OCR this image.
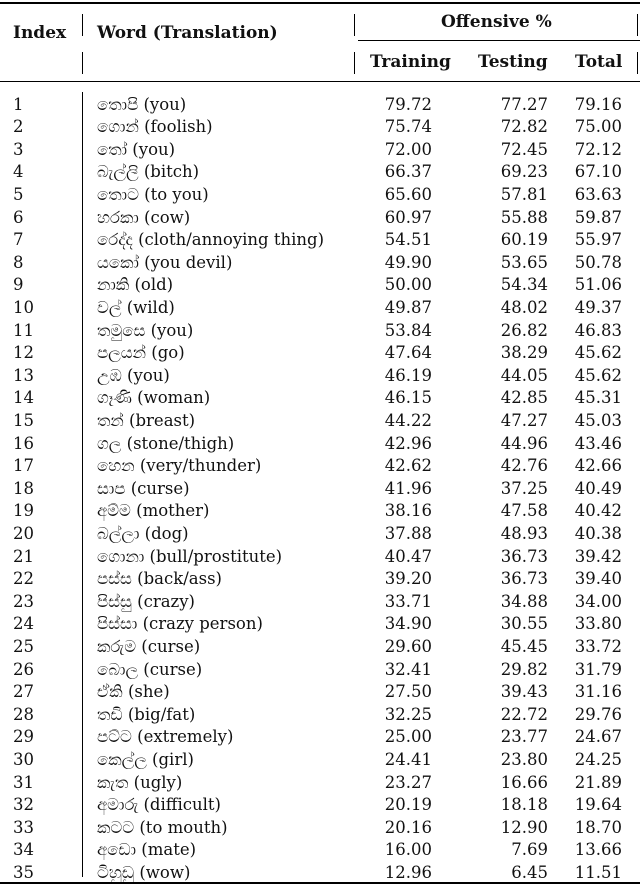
Index Word (Translation)
Offensive %
Training Testing Total
1	තොපි (you)	79.72	77.27 79.16
2	ගොන් (foolish)	75.74	72.82 75.00
3	තෝ (you)	72.00	72.45 72.12
4	බැල්ලි (bitch)	66.37	69.23 67.10
5	තොට (to you)	65.60	57.81 63.63
6	හරකා (cow)	60.97	55.88 59.87
7	රෙද්ද (cloth/annoying thing)	54.51	60.19 55.97
8	යකෝ (you devil)	49.90	53.65 50.78
9	නාකි (old)	50.00	54.34 51.06
10	වල් (wild)	49.87	48.02 49.37
11	තමුසෙ (you)	53.84	26.82 46.83
12	පලයන් (go)	47.64	38.29 45.62
13	උඹ (you)	46.19	44.05 45.62
14	ගෑණි (woman)	46.15	42.85 45.31
15	තන් (breast)	44.22	47.27 45.03
16	ගල (stone/thigh)	42.96	44.96 43.46
17	හෙන (very/thunder)	42.62	42.76 42.66
18	සාප (curse)	41.96	37.25 40.49
19	අම්ම (mother)	38.16	47.58 40.42
20	බල්ලා (dog)	37.88	48.93 40.38
21	ගොනා (bull/prostitute)	40.47	36.73 39.42
22	පස්ස (back/ass)	39.20	36.73 39.40
23	පිස්සු (crazy)	33.71	34.88 34.00
24	පිස්සා (crazy person)	34.90	30.55 33.80
25	කරුම (curse)	29.60	45.45 33.72
26	බොල (curse)	32.41	29.82 31.79
27	ඒකි (she)	27.50	39.43 31.16
28	තඩි (big/fat)	32.25	22.72 29.76
29	පට්ට (extremely)	25.00	23.77 24.67
30	කෙල්ල (girl)	24.41	23.80 24.25
31	කැත (ugly)	23.27	16.66 21.89
32	අමාරු (difficult)	20.19	18.18 19.64
33	කටට (to mouth)	20.16	12.90 18.70
34	අඩො (mate)	16.00	7.69 13.66
35	ටිහුඩු (wow)	12.96	6.45 11.51
